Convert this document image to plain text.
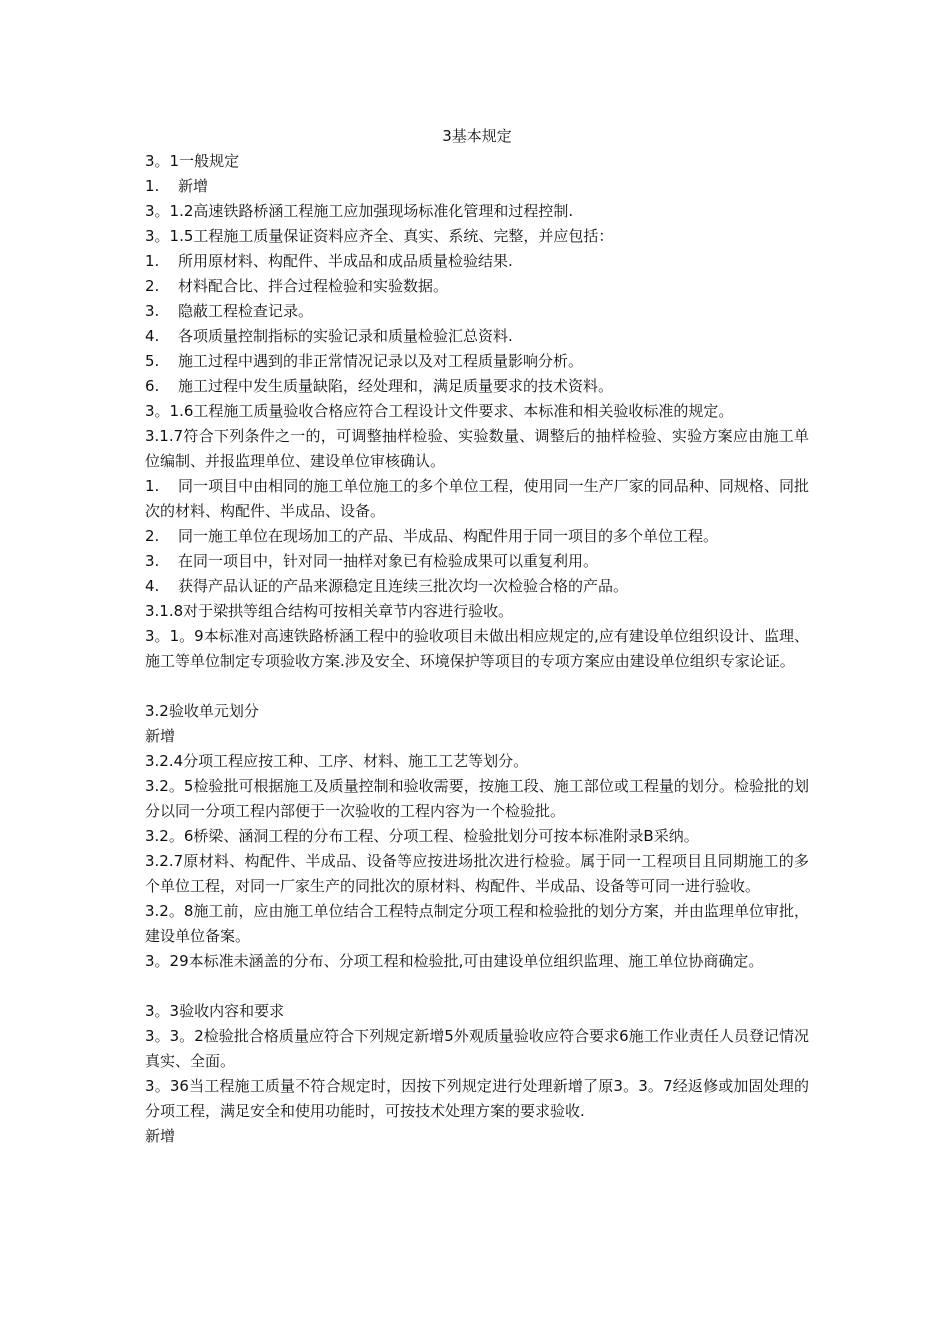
3基本规定

3。1一般规定

1.	新增

3。1.2高速铁路桥涵工程施工应加强现场标准化管理和过程控制.

3。1.5工程施工质量保证资料应齐全、真实、系统、完整，并应包括：

1.	所用原材料、构配件、半成品和成品质量检验结果.
2.	材料配合比、拌合过程检验和实验数据。
3.	隐蔽工程检查记录。
4.	各项质量控制指标的实验记录和质量检验汇总资料.
5.	施工过程中遇到的非正常情况记录以及对工程质量影响分析。
6.	施工过程中发生质量缺陷，经处理和，满足质量要求的技术资料。

3。1.6工程施工质量验收合格应符合工程设计文件要求、本标准和相关验收标准的规定。

3.1.7符合下列条件之一的，可调整抽样检验、实验数量、调整后的抽样检验、实验方案应由施工单位编制、并报监理单位、建设单位审核确认。

1. 同一项目中由相同的施工单位施工的多个单位工程，使用同一生产厂家的同品种、同规格、同批次的材料、构配件、半成品、设备。

2.	同一施工单位在现场加工的产品、半成品、构配件用于同一项目的多个单位工程。
3.	在同一项目中，针对同一抽样对象已有检验成果可以重复利用。
4.	获得产品认证的产品来源稳定且连续三批次均一次检验合格的产品。

3.1.8对于梁拱等组合结构可按相关章节内容进行验收。

3。1。9本标准对高速铁路桥涵工程中的验收项目未做出相应规定的,应有建设单位组织设计、监理、施工等单位制定专项验收方案.涉及安全、环境保护等项目的专项方案应由建设单位组织专家论证。

3.2验收单元划分

新增

3.2.4分项工程应按工种、工序、材料、施工工艺等划分。

3.2。5检验批可根据施工及质量控制和验收需要，按施工段、施工部位或工程量的划分。检验批的划分以同一分项工程内部便于一次验收的工程内容为一个检验批。

3.2。6桥梁、涵洞工程的分布工程、分项工程、检验批划分可按本标准附录B采纳。

3.2.7原材料、构配件、半成品、设备等应按进场批次进行检验。属于同一工程项目且同期施工的多个单位工程，对同一厂家生产的同批次的原材料、构配件、半成品、设备等可同一进行验收。

3.2。8施工前，应由施工单位结合工程特点制定分项工程和检验批的划分方案，并由监理单位审批，建设单位备案。

3。29本标准未涵盖的分布、分项工程和检验批,可由建设单位组织监理、施工单位协商确定。

3。3验收内容和要求

3。3。2检验批合格质量应符合下列规定新增5外观质量验收应符合要求6施工作业责任人员登记情况真实、全面。

3。36当工程施工质量不符合规定时，因按下列规定进行处理新增了原3。3。7经返修或加固处理的分项工程，满足安全和使用功能时，可按技术处理方案的要求验收.

新增
